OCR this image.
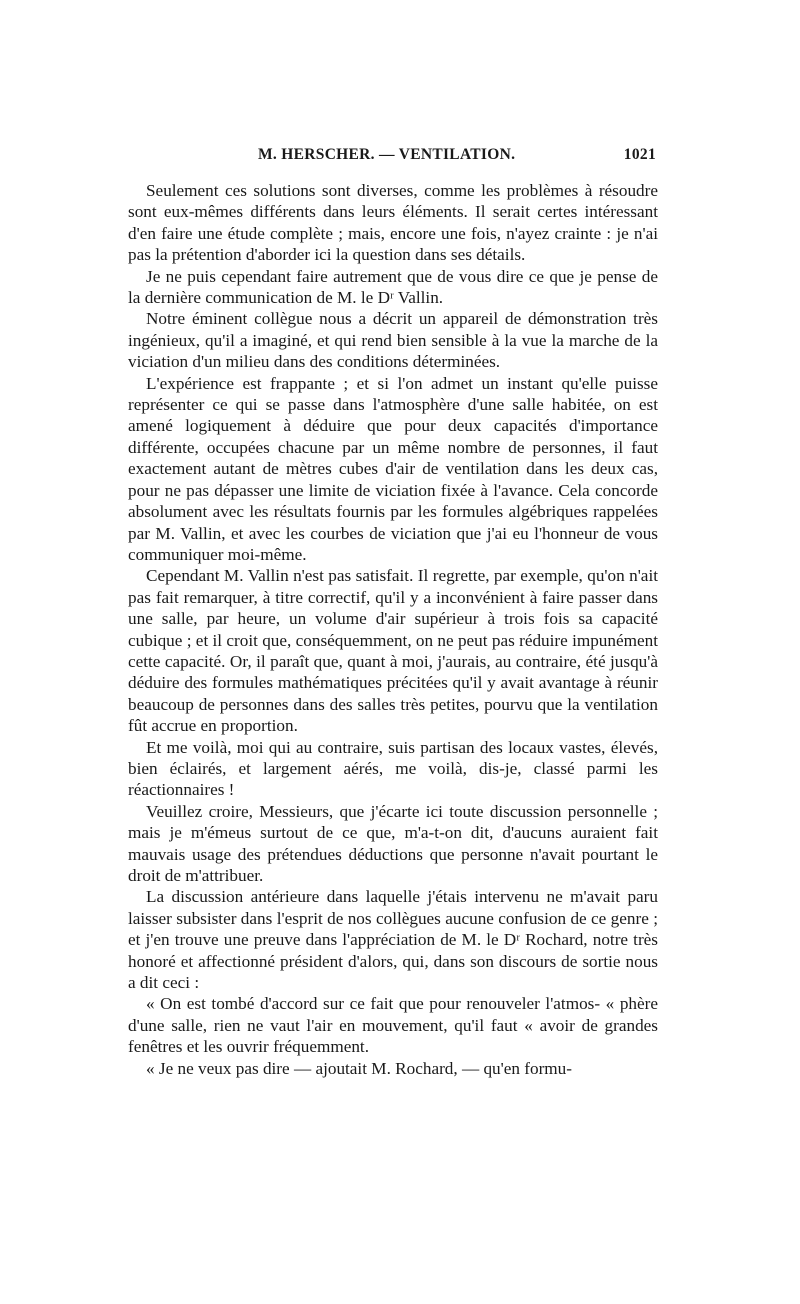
M. HERSCHER. — VENTILATION.	1021

Seulement ces solutions sont diverses, comme les problèmes à résoudre sont eux-mêmes différents dans leurs éléments. Il serait certes intéressant d'en faire une étude complète ; mais, encore une fois, n'ayez crainte : je n'ai pas la prétention d'aborder ici la question dans ses détails.

Je ne puis cependant faire autrement que de vous dire ce que je pense de la dernière communication de M. le Dʳ Vallin.

Notre éminent collègue nous a décrit un appareil de démonstration très ingénieux, qu'il a imaginé, et qui rend bien sensible à la vue la marche de la viciation d'un milieu dans des conditions déterminées.

L'expérience est frappante ; et si l'on admet un instant qu'elle puisse représenter ce qui se passe dans l'atmosphère d'une salle habitée, on est amené logiquement à déduire que pour deux capacités d'importance différente, occupées chacune par un même nombre de personnes, il faut exactement autant de mètres cubes d'air de ventilation dans les deux cas, pour ne pas dépasser une limite de viciation fixée à l'avance. Cela concorde absolument avec les résultats fournis par les formules algébriques rappelées par M. Vallin, et avec les courbes de viciation que j'ai eu l'honneur de vous communiquer moi-même.

Cependant M. Vallin n'est pas satisfait. Il regrette, par exemple, qu'on n'ait pas fait remarquer, à titre correctif, qu'il y a inconvénient à faire passer dans une salle, par heure, un volume d'air supérieur à trois fois sa capacité cubique ; et il croit que, conséquemment, on ne peut pas réduire impunément cette capacité. Or, il paraît que, quant à moi, j'aurais, au contraire, été jusqu'à déduire des formules mathématiques précitées qu'il y avait avantage à réunir beaucoup de personnes dans des salles très petites, pourvu que la ventilation fût accrue en proportion.

Et me voilà, moi qui au contraire, suis partisan des locaux vastes, élevés, bien éclairés, et largement aérés, me voilà, dis-je, classé parmi les réactionnaires !

Veuillez croire, Messieurs, que j'écarte ici toute discussion personnelle ; mais je m'émeus surtout de ce que, m'a-t-on dit, d'aucuns auraient fait mauvais usage des prétendues déductions que personne n'avait pourtant le droit de m'attribuer.

La discussion antérieure dans laquelle j'étais intervenu ne m'avait paru laisser subsister dans l'esprit de nos collègues aucune confusion de ce genre ; et j'en trouve une preuve dans l'appréciation de M. le Dʳ Rochard, notre très honoré et affectionné président d'alors, qui, dans son discours de sortie nous a dit ceci :

« On est tombé d'accord sur ce fait que pour renouveler l'atmos- « phère d'une salle, rien ne vaut l'air en mouvement, qu'il faut « avoir de grandes fenêtres et les ouvrir fréquemment.

« Je ne veux pas dire — ajoutait M. Rochard, — qu'en formu-
